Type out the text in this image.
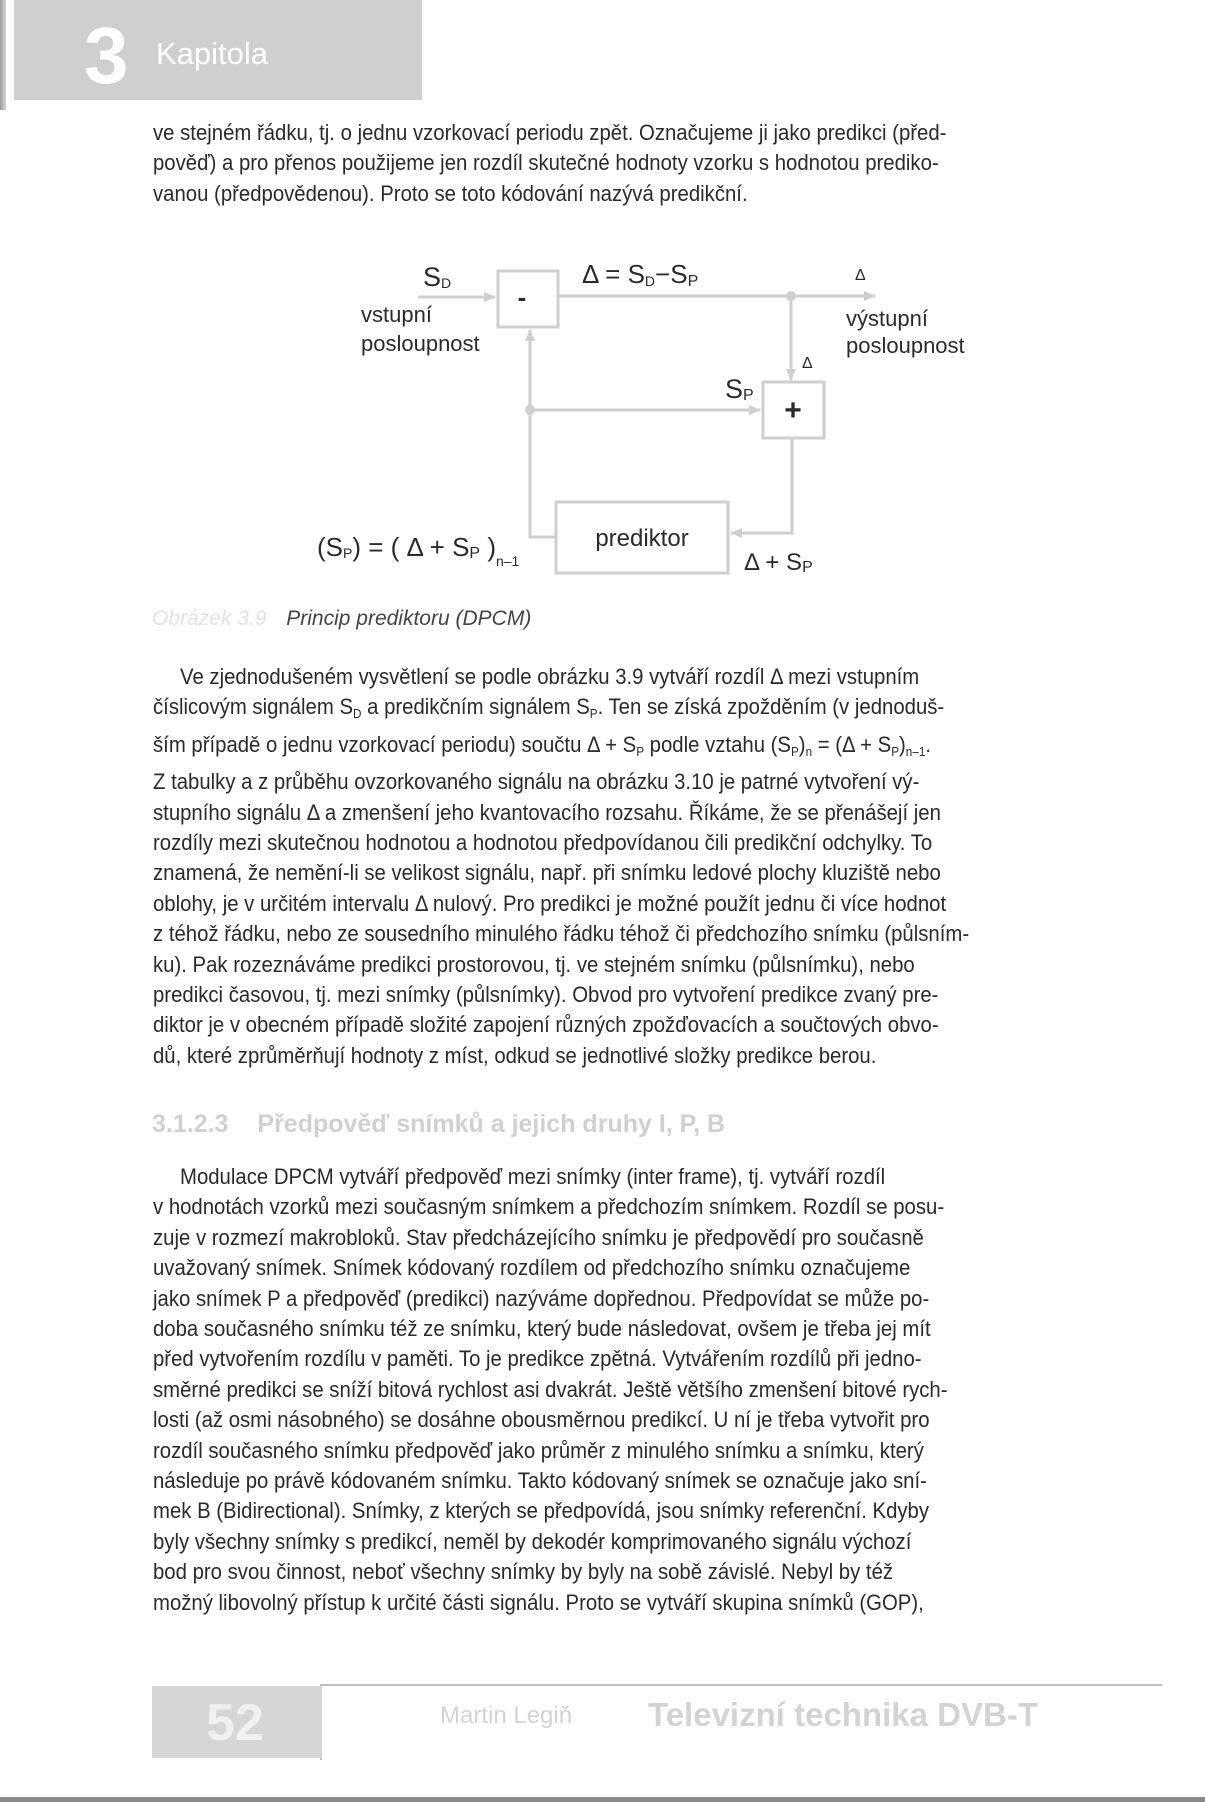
3 Kapitola

ve stejném řádku, tj. o jednu vzorkovací periodu zpět. Označujeme ji jako predikci (před-

pověď) a pro přenos použijeme jen rozdíl skutečné hodnoty vzorku s hodnotou prediko-

vanou (předpovědenou). Proto se toto kódování nazývá predikční.

SD
vstupní
posloupnost
-
Δ = SD−SP	Δ
výstupní
posloupnost
Δ
SP +
prediktor
Δ + SP
(SP) = ( Δ + SP )$_{n-1}$
Obrázek 3.9 Princip prediktoru (DPCM)

Ve zjednodušeném vysvětlení se podle obrázku 3.9 vytváří rozdíl Δ mezi vstupním

číslicovým signálem $S_D$ a predikčním signálem $S_P$. Ten se získá zpožděním (v jednoduš-

ším případě o jednu vzorkovací periodu) součtu $\Delta + S_P$ podle vztahu $(S_P)_n = (\Delta + S_P)_{n-1}$.

Z tabulky a z průběhu ovzorkovaného signálu na obrázku 3.10 je patrné vytvoření vý-

stupního signálu Δ a zmenšení jeho kvantovacího rozsahu. Říkáme, že se přenášejí jen

rozdíly mezi skutečnou hodnotou a hodnotou předpovídanou čili predikční odchylky. To

znamená, že nemění-li se velikost signálu, např. při snímku ledové plochy kluziště nebo

oblohy, je v určitém intervalu Δ nulový. Pro predikci je možné použít jednu či více hodnot

z téhož řádku, nebo ze sousedního minulého řádku téhož či předchozího snímku (půlsním-

ku). Pak rozeznáváme predikci prostorovou, tj. ve stejném snímku (půlsnímku), nebo

predikci časovou, tj. mezi snímky (půlsnímky). Obvod pro vytvoření predikce zvaný pre-

diktor je v obecném případě složité zapojení různých zpožďovacích a součtových obvo-

dů, které zprůměrňují hodnoty z míst, odkud se jednotlivé složky predikce berou.

3.1.2.3 Předpověď snímků a jejich druhy I, P, B

Modulace DPCM vytváří předpověď mezi snímky (inter frame), tj. vytváří rozdíl

v hodnotách vzorků mezi současným snímkem a předchozím snímkem. Rozdíl se posu-

zuje v rozmezí makrobloků. Stav předcházejícího snímku je předpovědí pro současně

uvažovaný snímek. Snímek kódovaný rozdílem od předchozího snímku označujeme

jako snímek P a předpověď (predikci) nazýváme dopřednou. Předpovídat se může po-

doba současného snímku též ze snímku, který bude následovat, ovšem je třeba jej mít

před vytvořením rozdílu v paměti. To je predikce zpětná. Vytvářením rozdílů při jedno-

směrné predikci se sníží bitová rychlost asi dvakrát. Ještě většího zmenšení bitové rych-

losti (až osmi násobného) se dosáhne obousměrnou predikcí. U ní je třeba vytvořit pro

rozdíl současného snímku předpověď jako průměr z minulého snímku a snímku, který

následuje po právě kódovaném snímku. Takto kódovaný snímek se označuje jako sní-

mek B (Bidirectional). Snímky, z kterých se předpovídá, jsou snímky referenční. Kdyby

byly všechny snímky s predikcí, neměl by dekodér komprimovaného signálu výchozí

bod pro svou činnost, neboť všechny snímky by byly na sobě závislé. Nebyl by též

možný libovolný přístup k určité části signálu. Proto se vytváří skupina snímků (GOP),

52	Martin Legiň Televizní technika DVB-T
